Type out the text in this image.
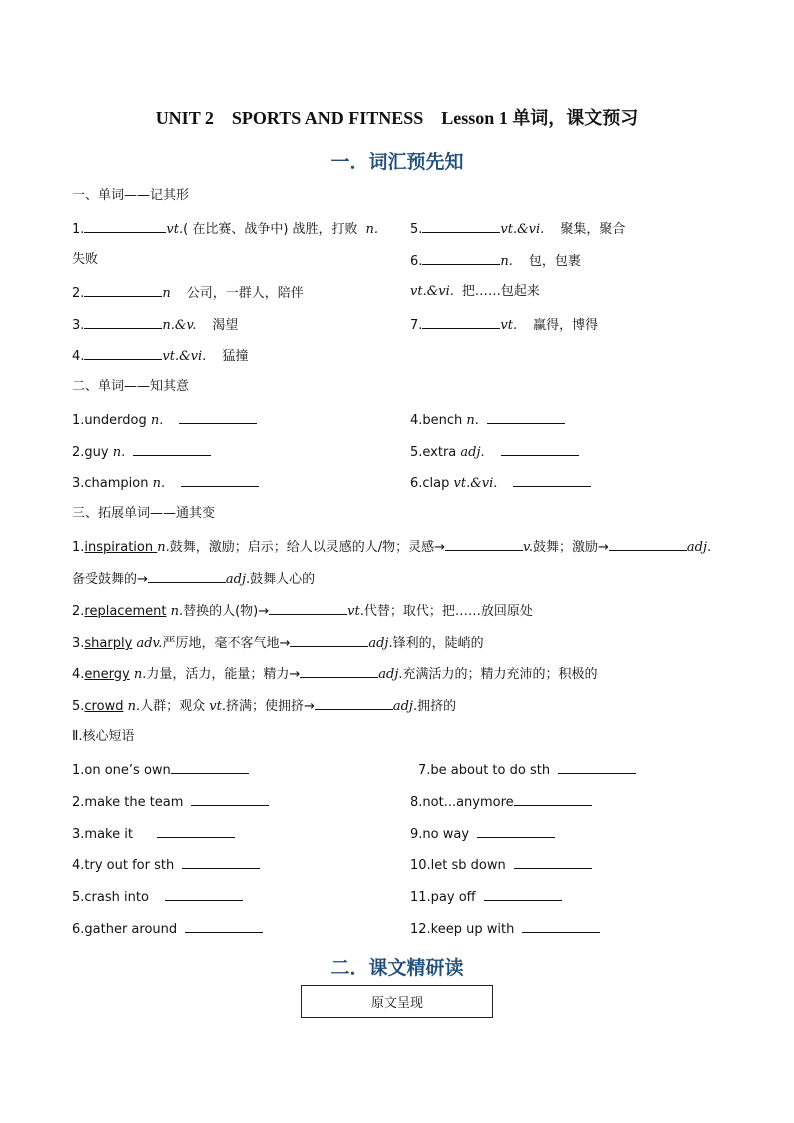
UNIT 2    SPORTS AND FITNESS    Lesson 1 单词，课文预习
一．词汇预先知
一、单词——记其形
1.	vt.( 在比赛、战争中) 战胜，打败 n.
失败
2.	n 公司，一群人，陪伴
3.	n.&v. 渴望
4.	vt.&vi. 猛撞
5.	vt.&vi. 聚集，聚合
6.	n. 包，包裹
vt.&vi. 把……包起来
7.	vt. 赢得，博得
二、单词——知其意
1.underdog n.
2.guy n.
3.champion n.
4.bench n.
5.extra adj.
6.clap vt.&vi.
三、拓展单词——通其变
1.inspiration n.鼓舞，激励；启示；给人以灵感的人/物；灵感→	v.鼓舞；激励→	adj.
备受鼓舞的→	adj.鼓舞人心的
2.replacement n.替换的人(物)→	vt.代替；取代；把……放回原处
3.sharply adv.严厉地，毫不客气地→	adj.锋利的，陡峭的
4.energy n.力量，活力，能量；精力→	adj.充满活力的；精力充沛的；积极的
5.crowd n.人群；观众 vt.挤满；使拥挤→	adj.拥挤的
Ⅱ.核心短语
1.on one’s own
2.make the team
3.make it
4.try out for sth
5.crash into
6.gather around
7.be about to do sth
8.not...anymore
9.no way
10.let sb down
11.pay off
12.keep up with
二．课文精研读
原文呈现
